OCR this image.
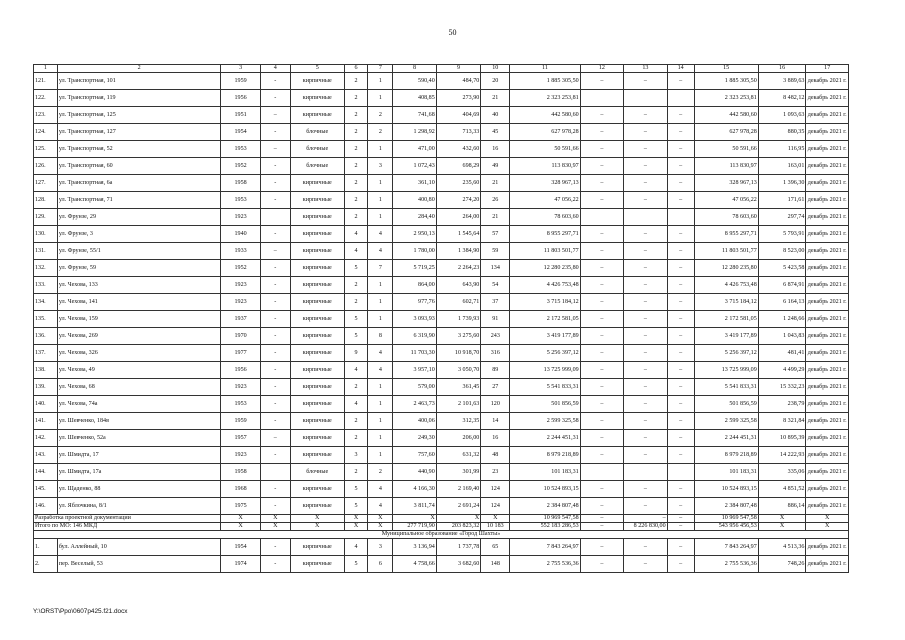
50
1	2	3	4	5	6	7	8	9	10	11	12	13	14	15	16	17
121.	ул. Транспортная, 101	1959	-	кирпичные	2	1	590,40	484,70	20	1 885 305,50	–	–	–	1 885 305,50	3 889,63	декабрь 2021 г.
122.	ул. Транспортная, 119	1956	-	кирпичные	2	1	408,85	273,90	21	2 323 253,81				2 323 253,81	8 482,12	декабрь 2021 г.
123.	ул. Транспортная, 125	1951	–	кирпичные	2	2	741,68	404,69	40	442 580,60	–	–	–	442 580,60	1 093,63	декабрь 2021 г.
124.	ул. Транспортная, 127	1954	-	блочные	2	2	1 298,92	713,33	45	627 978,28	–	–	–	627 978,28	880,35	декабрь 2021 г.
125.	ул. Транспортная, 52	1953	–	блочные	2	1	471,00	432,60	16	50 591,66	–	–	–	50 591,66	116,95	декабрь 2021 г.
126.	ул. Транспортная, 60	1952	-	блочные	2	3	1 072,43	698,29	49	113 830,97	–	–	–	113 830,97	163,01	декабрь 2021 г.
127.	ул. Транспортная, 6а	1958	-	кирпичные	2	1	361,10	235,60	21	328 967,13	–	–	–	328 967,13	1 396,30	декабрь 2021 г.
128.	ул. Транспортная, 71	1953	-	кирпичные	2	1	400,80	274,20	26	47 056,22	–	–	–	47 056,22	171,61	декабрь 2021 г.
129.	ул. Фрунзе, 29	1923		кирпичные	2	1	284,40	264,00	21	78 603,60				78 603,60	297,74	декабрь 2021 г.
130.	ул. Фрунзе, 3	1940	-	кирпичные	4	4	2 950,13	1 545,64	57	8 955 297,71	–	–	–	8 955 297,71	5 793,91	декабрь 2021 г.
131.	ул. Фрунзе, 55/1	1933	–	кирпичные	4	4	1 780,00	1 384,90	59	11 803 501,77	–	–	–	11 803 501,77	8 523,00	декабрь 2021 г.
132.	ул. Фрунзе, 59	1952	-	кирпичные	5	7	5 719,25	2 264,23	134	12 280 235,80	–	–	–	12 280 235,80	5 423,58	декабрь 2021 г.
133.	ул. Чехова, 133	1923	-	кирпичные	2	1	864,00	643,90	54	4 426 753,48	–	–	–	4 426 753,48	6 874,91	декабрь 2021 г.
134.	ул. Чехова, 141	1923	-	кирпичные	2	1	977,76	602,71	37	3 715 184,12	–	–	–	3 715 184,12	6 164,13	декабрь 2021 г.
135.	ул. Чехова, 159	1937	-	кирпичные	5	1	3 093,93	1 739,93	91	2 172 581,05	–	–	–	2 172 581,05	1 248,66	декабрь 2021 г.
136.	ул. Чехова, 269	1970	-	кирпичные	5	8	6 319,90	3 275,60	243	3 419 177,89	–	–	–	3 419 177,89	1 043,83	декабрь 2021 г.
137.	ул. Чехова, 326	1977	-	кирпичные	9	4	11 703,30	10 918,70	316	5 256 397,12	–	–	–	5 256 397,12	481,41	декабрь 2021 г.
138.	ул. Чехова, 49	1956	-	кирпичные	4	4	3 957,10	3 050,70	89	13 725 999,09	–	–	–	13 725 999,09	4 499,29	декабрь 2021 г.
139.	ул. Чехова, 68	1923	-	кирпичные	2	1	579,00	361,45	27	5 541 833,31	–	–	–	5 541 833,31	15 332,23	декабрь 2021 г.
140.	ул. Чехова, 74а	1953	-	кирпичные	4	1	2 463,73	2 101,63	120	501 856,59	–	–	–	501 856,59	238,79	декабрь 2021 г.
141.	ул. Шевченко, 184в	1959	-	кирпичные	2	1	400,06	312,35	14	2 599 325,58	–	–	–	2 599 325,58	8 321,84	декабрь 2021 г.
142.	ул. Шевченко, 52а	1957	–	кирпичные	2	1	249,30	206,00	16	2 244 451,31	–	–	–	2 244 451,31	10 895,39	декабрь 2021 г.
143.	ул. Шмидта, 17	1923	-	кирпичные	3	1	757,60	631,32	48	8 979 218,89	–	–	–	8 979 218,89	14 222,93	декабрь 2021 г.
144.	ул. Шмидта, 17а	1958		блочные	2	2	440,90	301,99	23	101 183,31				101 183,31	335,06	декабрь 2021 г.
145.	ул. Щаденко, 88	1968	-	кирпичные	5	4	4 166,30	2 169,40	124	10 524 893,15	–	–	–	10 524 893,15	4 851,52	декабрь 2021 г.
146.	ул. Яблочкина, 8/1	1975	-	кирпичные	5	4	3 811,74	2 691,24	124	2 384 807,48	–	–	–	2 384 807,48	886,14	декабрь 2021 г.
Разработка проектной документации		X	X	X	X	X	X	X	X	10 969 547,58	–	–	–	10 969 547,58	X	X
Итого по МО: 146 МКД		X	X	X	X	X	277 719,90	203 823,32	10 183	552 183 286,53	–	8 226 830,00	–	543 956 456,53	X	X
Муниципальное образование «Город Шахты»																
1.	бул. Аллейный, 10	1954	-	кирпичные	4	3	3 136,94	1 737,78	65	7 843 264,97	–	–	–	7 843 264,97	4 513,36	декабрь 2021 г.
2.	пер. Веселый, 53	1974	-	кирпичные	5	6	4 758,66	3 682,60	148	2 755 536,36	–	–	–	2 755 536,36	748,26	декабрь 2021 г.
Y:\ORST\Ppo\0607p425.f21.docx
